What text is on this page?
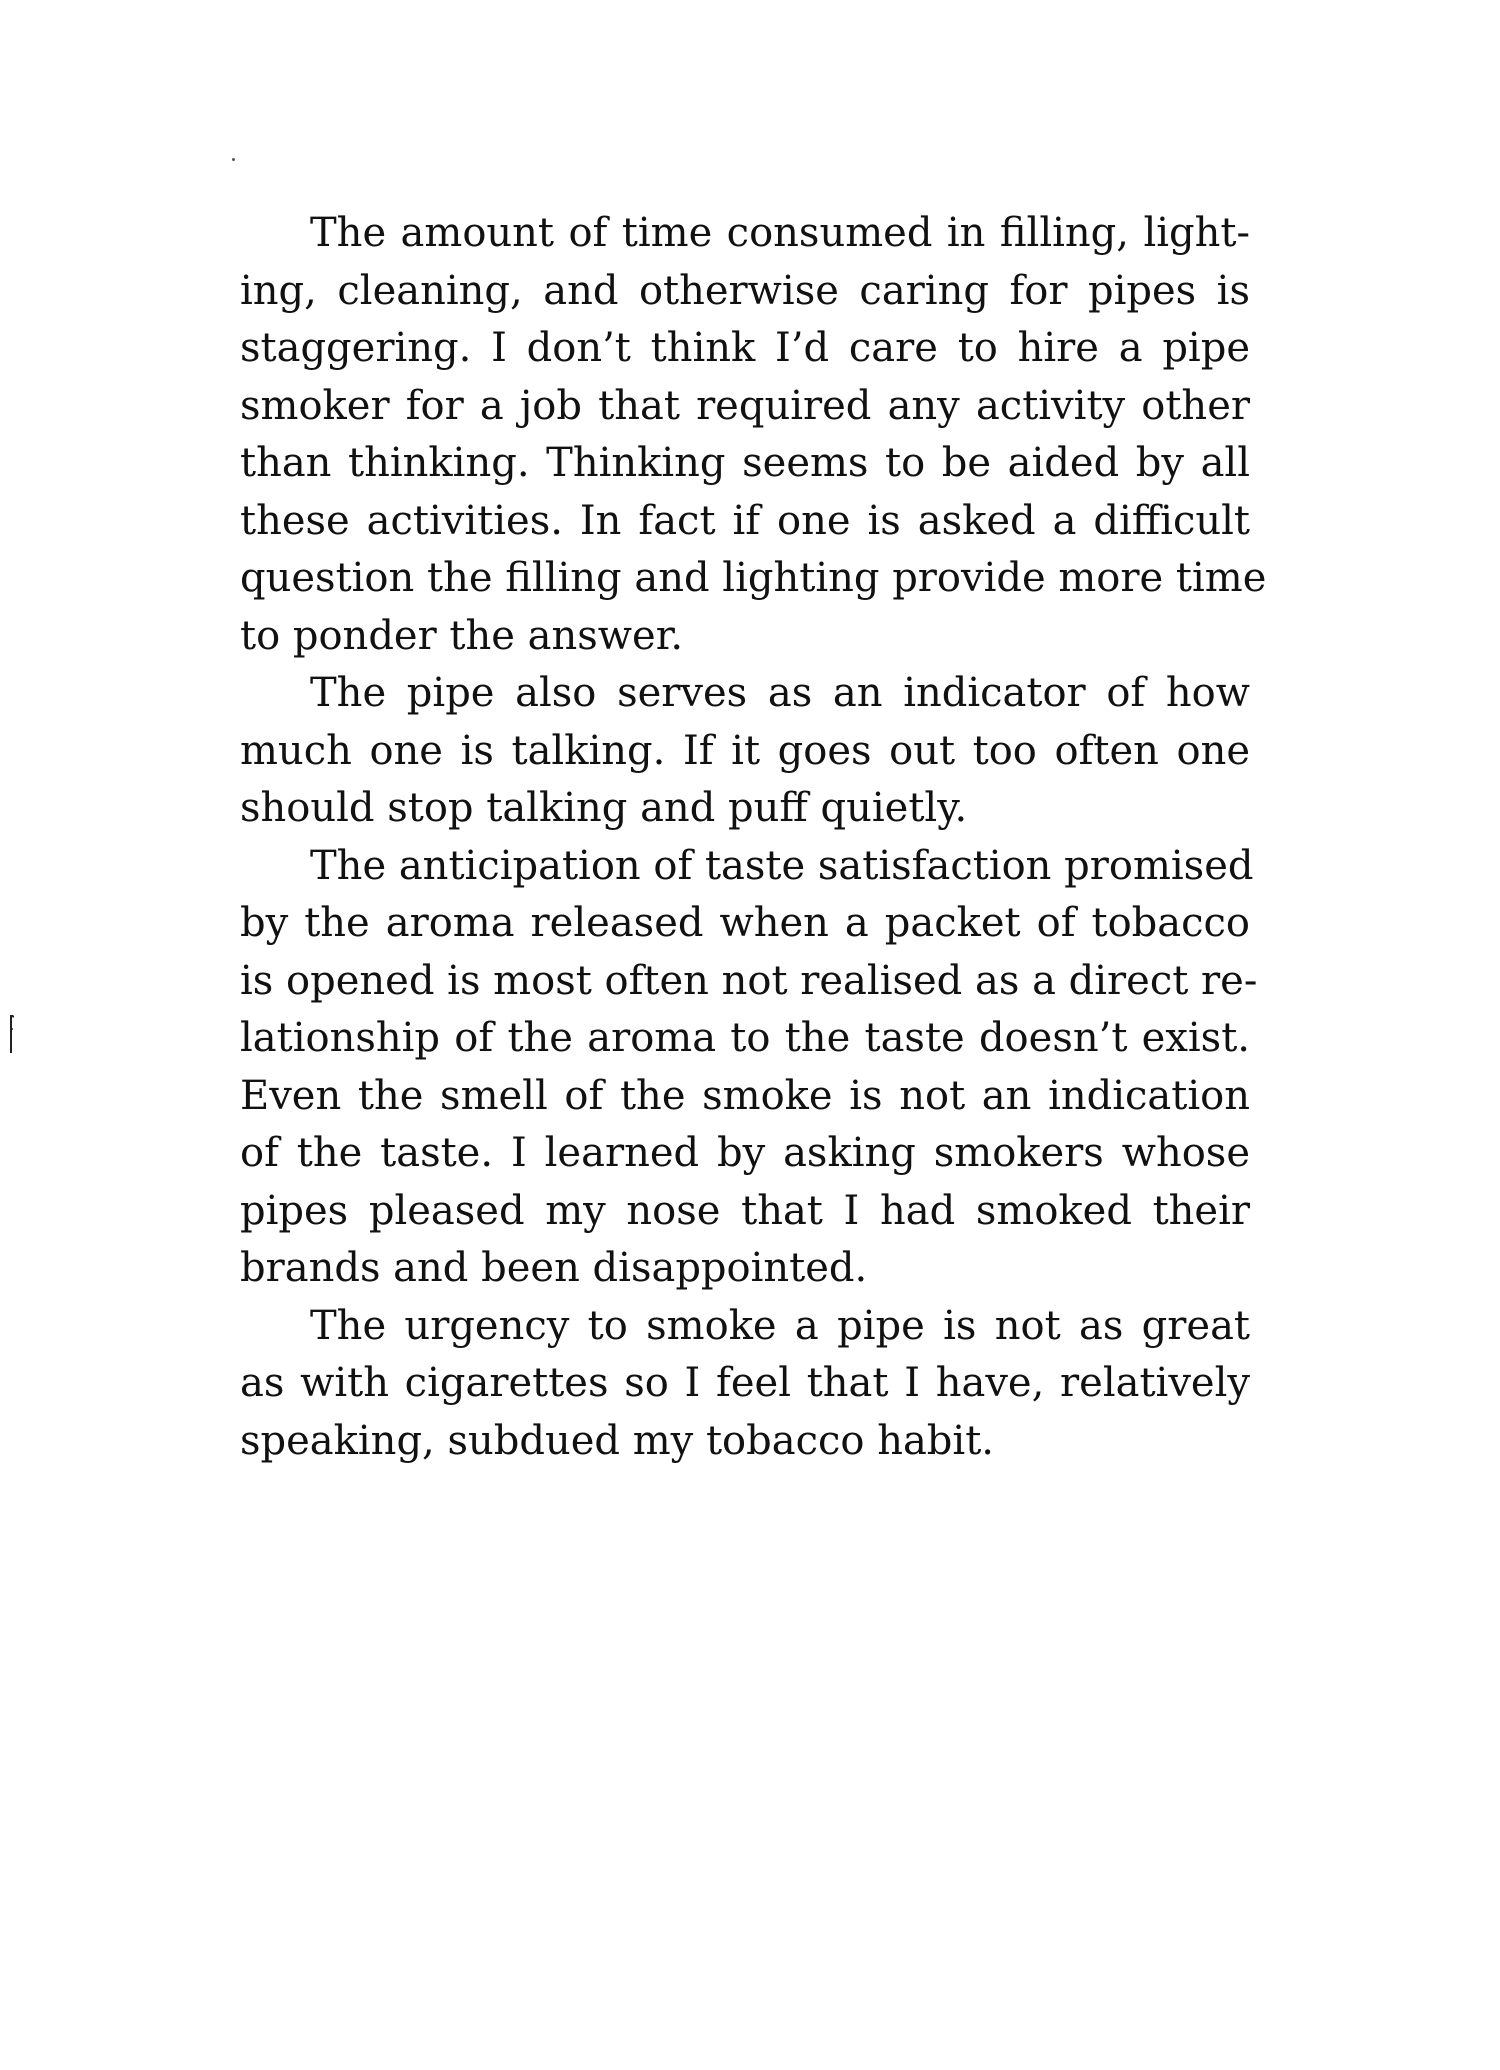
The amount of time consumed in filling, light-
ing, cleaning, and otherwise caring for pipes is
staggering. I don’t think I’d care to hire a pipe
smoker for a job that required any activity other
than thinking. Thinking seems to be aided by all
these activities. In fact if one is asked a difficult
question the filling and lighting provide more time
to ponder the answer.

The pipe also serves as an indicator of how
much one is talking. If it goes out too often one
should stop talking and puff quietly.

The anticipation of taste satisfaction promised
by the aroma released when a packet of tobacco
is opened is most often not realised as a direct re-
lationship of the aroma to the taste doesn’t exist.
Even the smell of the smoke is not an indication
of the taste. I learned by asking smokers whose
pipes pleased my nose that I had smoked their
brands and been disappointed.

The urgency to smoke a pipe is not as great
as with cigarettes so I feel that I have, relatively
speaking, subdued my tobacco habit.
